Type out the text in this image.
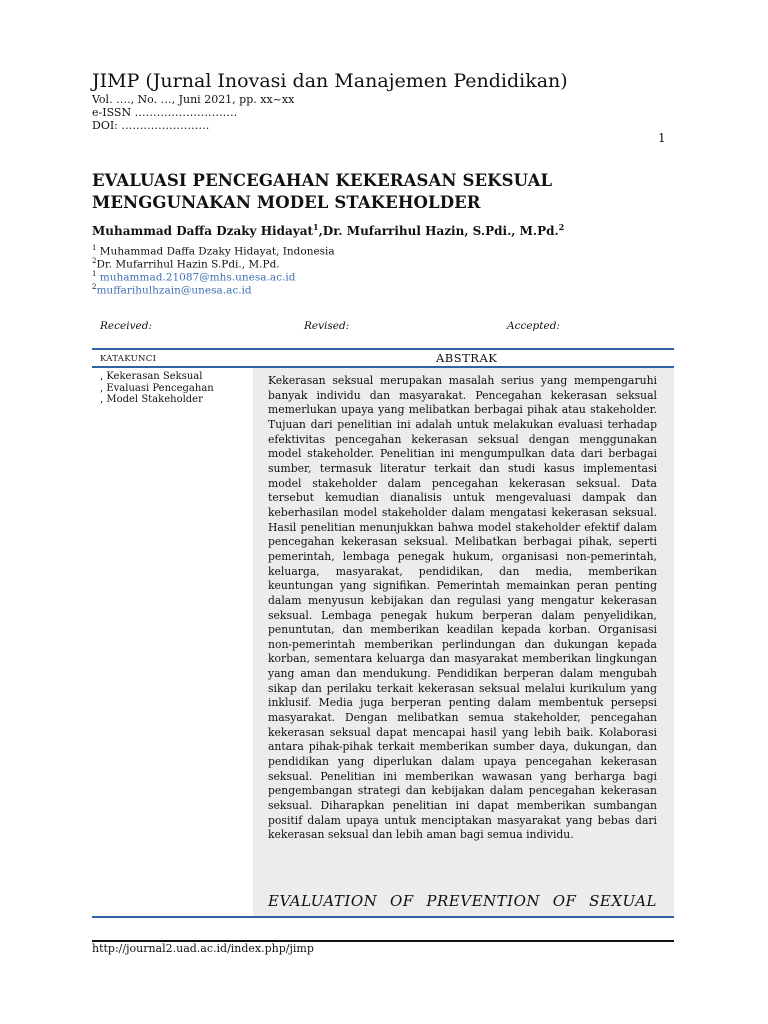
JIMP (Jurnal Inovasi dan Manajemen Pendidikan)
Vol. …., No. …, Juni 2021, pp. xx~xx
e-ISSN ……………………….
DOI: ……………………
1
EVALUASI PENCEGAHAN KEKERASAN SEKSUAL MENGGUNAKAN MODEL STAKEHOLDER
Muhammad Daffa Dzaky Hidayat$^1$,Dr. Mufarrihul Hazin, S.Pdi., M.Pd.$^2$
$^1$ Muhammad Daffa Dzaky Hidayat, Indonesia
$^2$Dr. Mufarrihul Hazin S.Pdi., M.Pd.
$^1$ muhammad.21087@mhs.unesa.ac.id
$^2$muffarihulhzain@unesa.ac.id
Received:	Revised:	Accepted:
KATAKUNCI	ABSTRAK
, Kekerasan Seksual
, Evaluasi Pencegahan
, Model Stakeholder
Kekerasan seksual merupakan masalah serius yang mempengaruhi banyak individu dan masyarakat. Pencegahan kekerasan seksual memerlukan upaya yang melibatkan berbagai pihak atau stakeholder. Tujuan dari penelitian ini adalah untuk melakukan evaluasi terhadap efektivitas pencegahan kekerasan seksual dengan menggunakan model stakeholder. Penelitian ini mengumpulkan data dari berbagai sumber, termasuk literatur terkait dan studi kasus implementasi model stakeholder dalam pencegahan kekerasan seksual. Data tersebut kemudian dianalisis untuk mengevaluasi dampak dan keberhasilan model stakeholder dalam mengatasi kekerasan seksual. Hasil penelitian menunjukkan bahwa model stakeholder efektif dalam pencegahan kekerasan seksual. Melibatkan berbagai pihak, seperti pemerintah, lembaga penegak hukum, organisasi non-pemerintah, keluarga, masyarakat, pendidikan, dan media, memberikan keuntungan yang signifikan. Pemerintah memainkan peran penting dalam menyusun kebijakan dan regulasi yang mengatur kekerasan seksual. Lembaga penegak hukum berperan dalam penyelidikan, penuntutan, dan memberikan keadilan kepada korban. Organisasi non-pemerintah memberikan perlindungan dan dukungan kepada korban, sementara keluarga dan masyarakat memberikan lingkungan yang aman dan mendukung. Pendidikan berperan dalam mengubah sikap dan perilaku terkait kekerasan seksual melalui kurikulum yang inklusif. Media juga berperan penting dalam membentuk persepsi masyarakat. Dengan melibatkan semua stakeholder, pencegahan kekerasan seksual dapat mencapai hasil yang lebih baik. Kolaborasi antara pihak-pihak terkait memberikan sumber daya, dukungan, dan pendidikan yang diperlukan dalam upaya pencegahan kekerasan seksual. Penelitian ini memberikan wawasan yang berharga bagi pengembangan strategi dan kebijakan dalam pencegahan kekerasan seksual. Diharapkan penelitian ini dapat memberikan sumbangan positif dalam upaya untuk menciptakan masyarakat yang bebas dari kekerasan seksual dan lebih aman bagi semua individu.
EVALUATION OF PREVENTION OF SEXUAL
http://journal2.uad.ac.id/index.php/jimp
